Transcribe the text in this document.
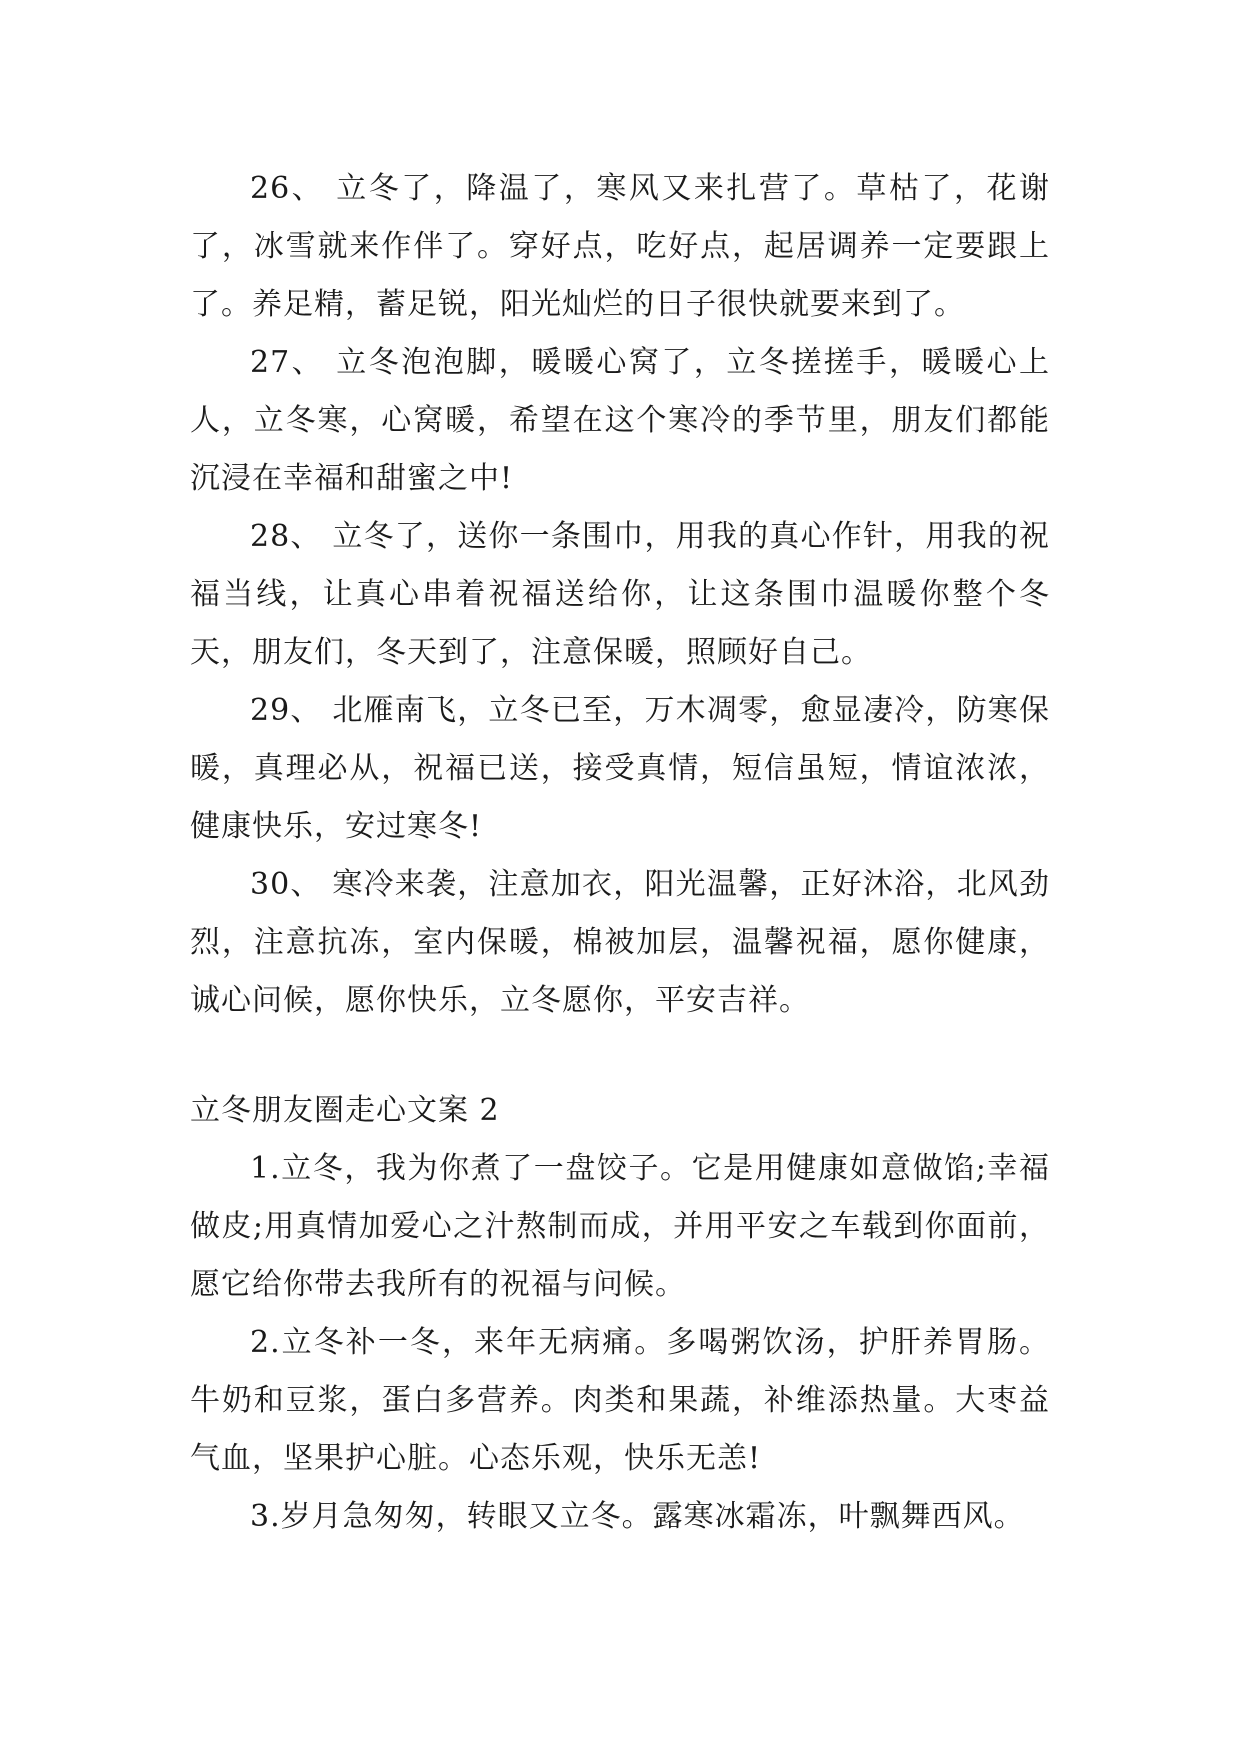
26、 立冬了，降温了，寒风又来扎营了。草枯了，花谢了，冰雪就来作伴了。穿好点，吃好点，起居调养一定要跟上了。养足精，蓄足锐，阳光灿烂的日子很快就要来到了。

27、 立冬泡泡脚，暖暖心窝了，立冬搓搓手，暖暖心上人，立冬寒，心窝暖，希望在这个寒冷的季节里，朋友们都能沉浸在幸福和甜蜜之中!

28、 立冬了，送你一条围巾，用我的真心作针，用我的祝福当线，让真心串着祝福送给你，让这条围巾温暖你整个冬天，朋友们，冬天到了，注意保暖，照顾好自己。

29、 北雁南飞，立冬已至，万木凋零，愈显凄冷，防寒保暖，真理必从，祝福已送，接受真情，短信虽短，情谊浓浓，健康快乐，安过寒冬!

30、 寒冷来袭，注意加衣，阳光温馨，正好沐浴，北风劲烈，注意抗冻，室内保暖，棉被加层，温馨祝福，愿你健康，诚心问候，愿你快乐，立冬愿你，平安吉祥。

立冬朋友圈走心文案 2

1.立冬，我为你煮了一盘饺子。它是用健康如意做馅;幸福做皮;用真情加爱心之汁熬制而成，并用平安之车载到你面前，愿它给你带去我所有的祝福与问候。

2.立冬补一冬，来年无病痛。多喝粥饮汤，护肝养胃肠。牛奶和豆浆，蛋白多营养。肉类和果蔬，补维添热量。大枣益气血，坚果护心脏。心态乐观，快乐无恙!

3.岁月急匆匆，转眼又立冬。露寒冰霜冻，叶飘舞西风。
